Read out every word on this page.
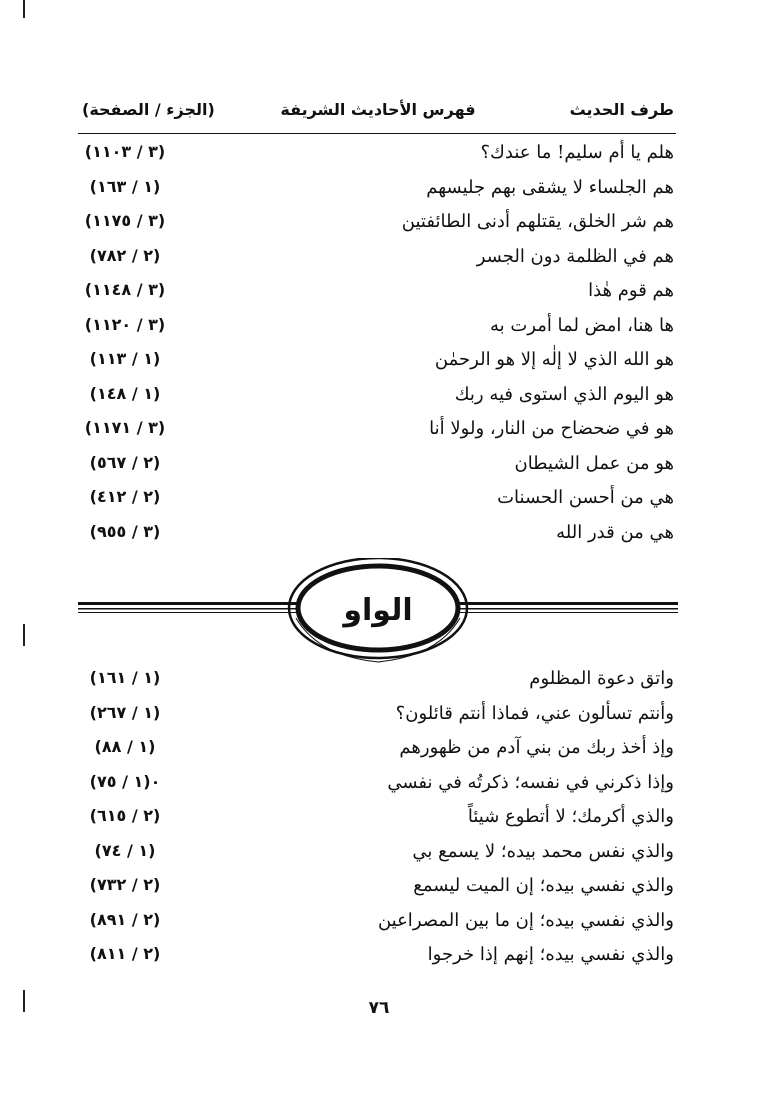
طرف الحديث
فهرس الأحاديث الشريفة
(الجزء / الصفحة)
هلم يا أم سليم! ما عندك؟
(٣ / ١١٠٣)
هم الجلساء لا يشقى بهم جليسهم
(١ / ١٦٣)
هم شر الخلق، يقتلهم أدنى الطائفتين
(٣ / ١١٧٥)
هم في الظلمة دون الجسر
(٢ / ٧٨٢)
هم قوم هٰذا
(٣ / ١١٤٨)
ها هنا، امض لما أمرت به
(٣ / ١١٢٠)
هو الله الذي لا إلٰه إلا هو الرحمٰن
(١ / ١١٣)
هو اليوم الذي استوى فيه ربك
(١ / ١٤٨)
هو في ضحضاح من النار، ولولا أنا
(٣ / ١١٧١)
هو من عمل الشيطان
(٢ / ٥٦٧)
هي من أحسن الحسنات
(٢ / ٤١٢)
هي من قدر الله
(٣ / ٩٥٥)
الواو
واتق دعوة المظلوم
(١ / ١٦١)
وأنتم تسألون عني، فماذا أنتم قائلون؟
(١ / ٢٦٧)
وإذ أخذ ربك من بني آدم من ظهورهم
(١ / ٨٨)
وإذا ذكرني في نفسه؛ ذكرتُه في نفسي
(١ / ٧٥)٠
والذي أكرمك؛ لا أتطوع شيئاً
(٢ / ٦١٥)
والذي نفس محمد بيده؛ لا يسمع بي
(١ / ٧٤)
والذي نفسي بيده؛ إن الميت ليسمع
(٢ / ٧٣٢)
والذي نفسي بيده؛ إن ما بين المصراعين
(٢ / ٨٩١)
والذي نفسي بيده؛ إنهم إذا خرجوا
(٢ / ٨١١)
٧٦
